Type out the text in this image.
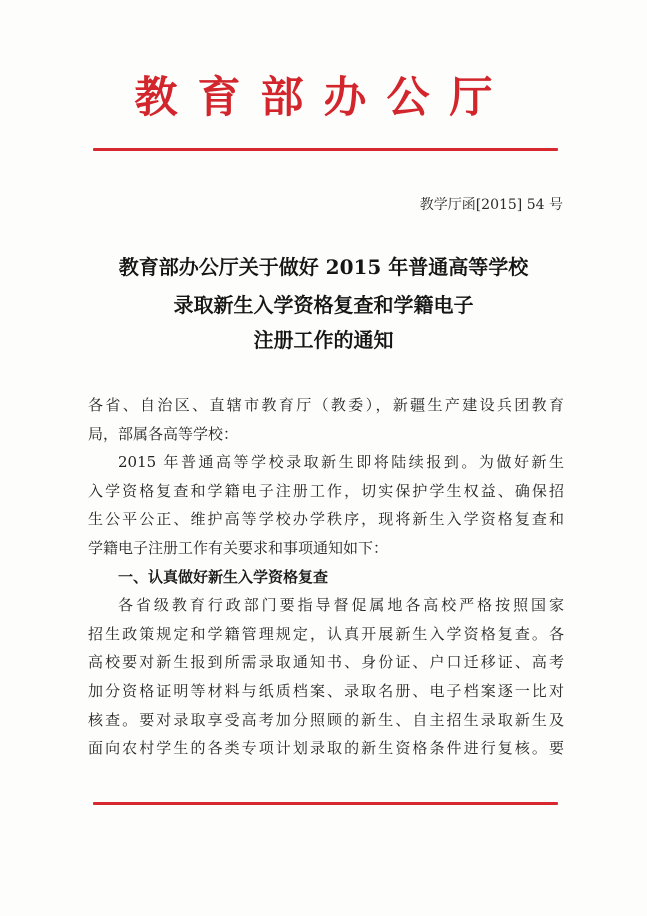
教育部办公厅
教学厅函[2015] 54 号
教育部办公厅关于做好 2015 年普通高等学校
录取新生入学资格复查和学籍电子
注册工作的通知

各省、自治区、直辖市教育厅（教委），新疆生产建设兵团教育

局，部属各高等学校：

2015 年普通高等学校录取新生即将陆续报到。为做好新生

入学资格复查和学籍电子注册工作，切实保护学生权益、确保招

生公平公正、维护高等学校办学秩序，现将新生入学资格复查和

学籍电子注册工作有关要求和事项通知如下：

一、认真做好新生入学资格复查

各省级教育行政部门要指导督促属地各高校严格按照国家

招生政策规定和学籍管理规定，认真开展新生入学资格复查。各

高校要对新生报到所需录取通知书、身份证、户口迁移证、高考

加分资格证明等材料与纸质档案、录取名册、电子档案逐一比对

核查。要对录取享受高考加分照顾的新生、自主招生录取新生及

面向农村学生的各类专项计划录取的新生资格条件进行复核。要
